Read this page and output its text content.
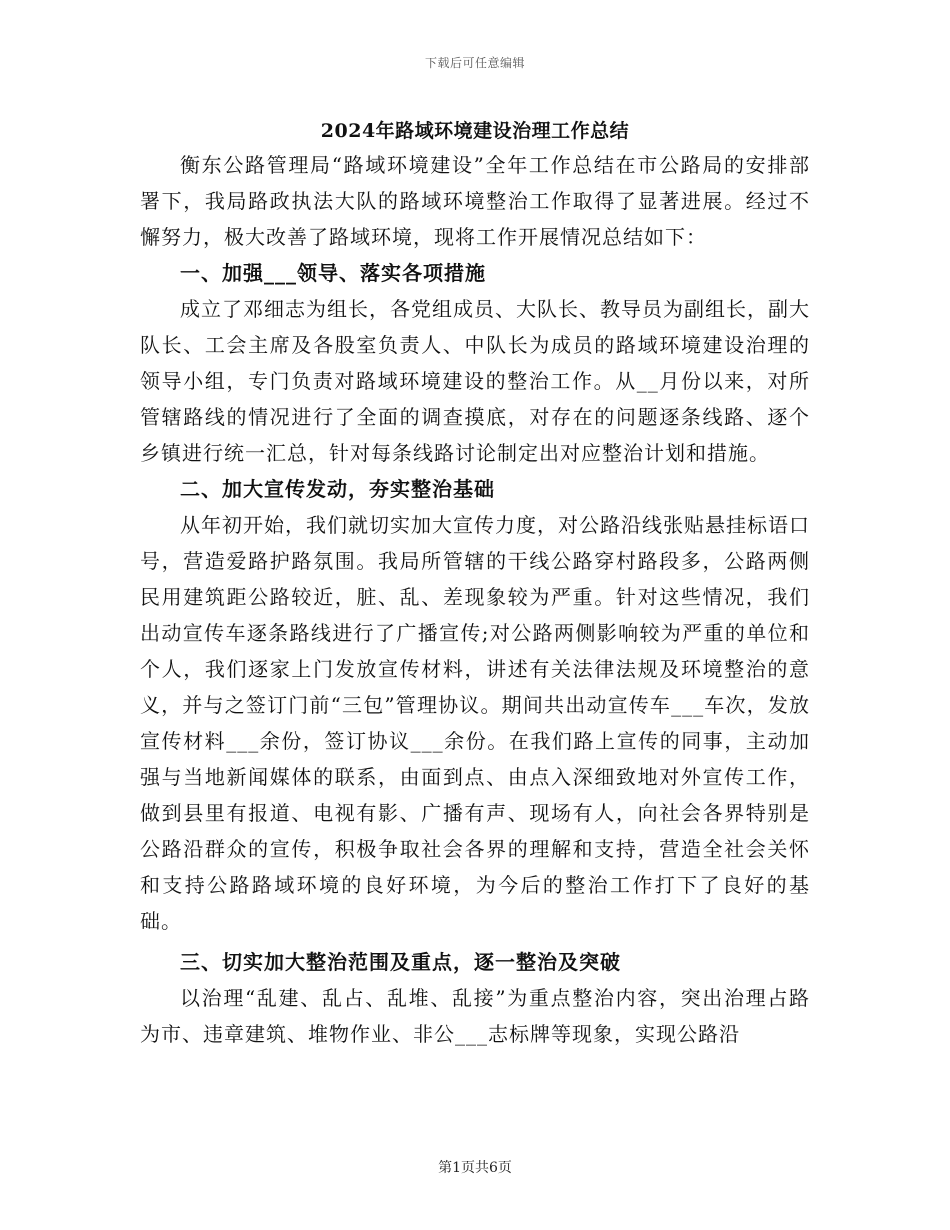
下载后可任意编辑
2024年路域环境建设治理工作总结

衡东公路管理局“路域环境建设”全年工作总结在市公路局的安排部署下，我局路政执法大队的路域环境整治工作取得了显著进展。经过不懈努力，极大改善了路域环境，现将工作开展情况总结如下：

一、加强___领导、落实各项措施

成立了邓细志为组长，各党组成员、大队长、教导员为副组长，副大队长、工会主席及各股室负责人、中队长为成员的路域环境建设治理的领导小组，专门负责对路域环境建设的整治工作。从__月份以来，对所管辖路线的情况进行了全面的调查摸底，对存在的问题逐条线路、逐个乡镇进行统一汇总，针对每条线路讨论制定出对应整治计划和措施。

二、加大宣传发动，夯实整治基础

从年初开始，我们就切实加大宣传力度，对公路沿线张贴悬挂标语口号，营造爱路护路氛围。我局所管辖的干线公路穿村路段多，公路两侧民用建筑距公路较近，脏、乱、差现象较为严重。针对这些情况，我们出动宣传车逐条路线进行了广播宣传;对公路两侧影响较为严重的单位和个人，我们逐家上门发放宣传材料，讲述有关法律法规及环境整治的意义，并与之签订门前“三包”管理协议。期间共出动宣传车___车次，发放宣传材料___余份，签订协议___余份。在我们路上宣传的同事，主动加强与当地新闻媒体的联系，由面到点、由点入深细致地对外宣传工作，做到县里有报道、电视有影、广播有声、现场有人，向社会各界特别是公路沿群众的宣传，积极争取社会各界的理解和支持，营造全社会关怀和支持公路路域环境的良好环境，为今后的整治工作打下了良好的基础。

三、切实加大整治范围及重点，逐一整治及突破

以治理“乱建、乱占、乱堆、乱接”为重点整治内容，突出治理占路为市、违章建筑、堆物作业、非公___志标牌等现象，实现公路沿

第1页共6页
